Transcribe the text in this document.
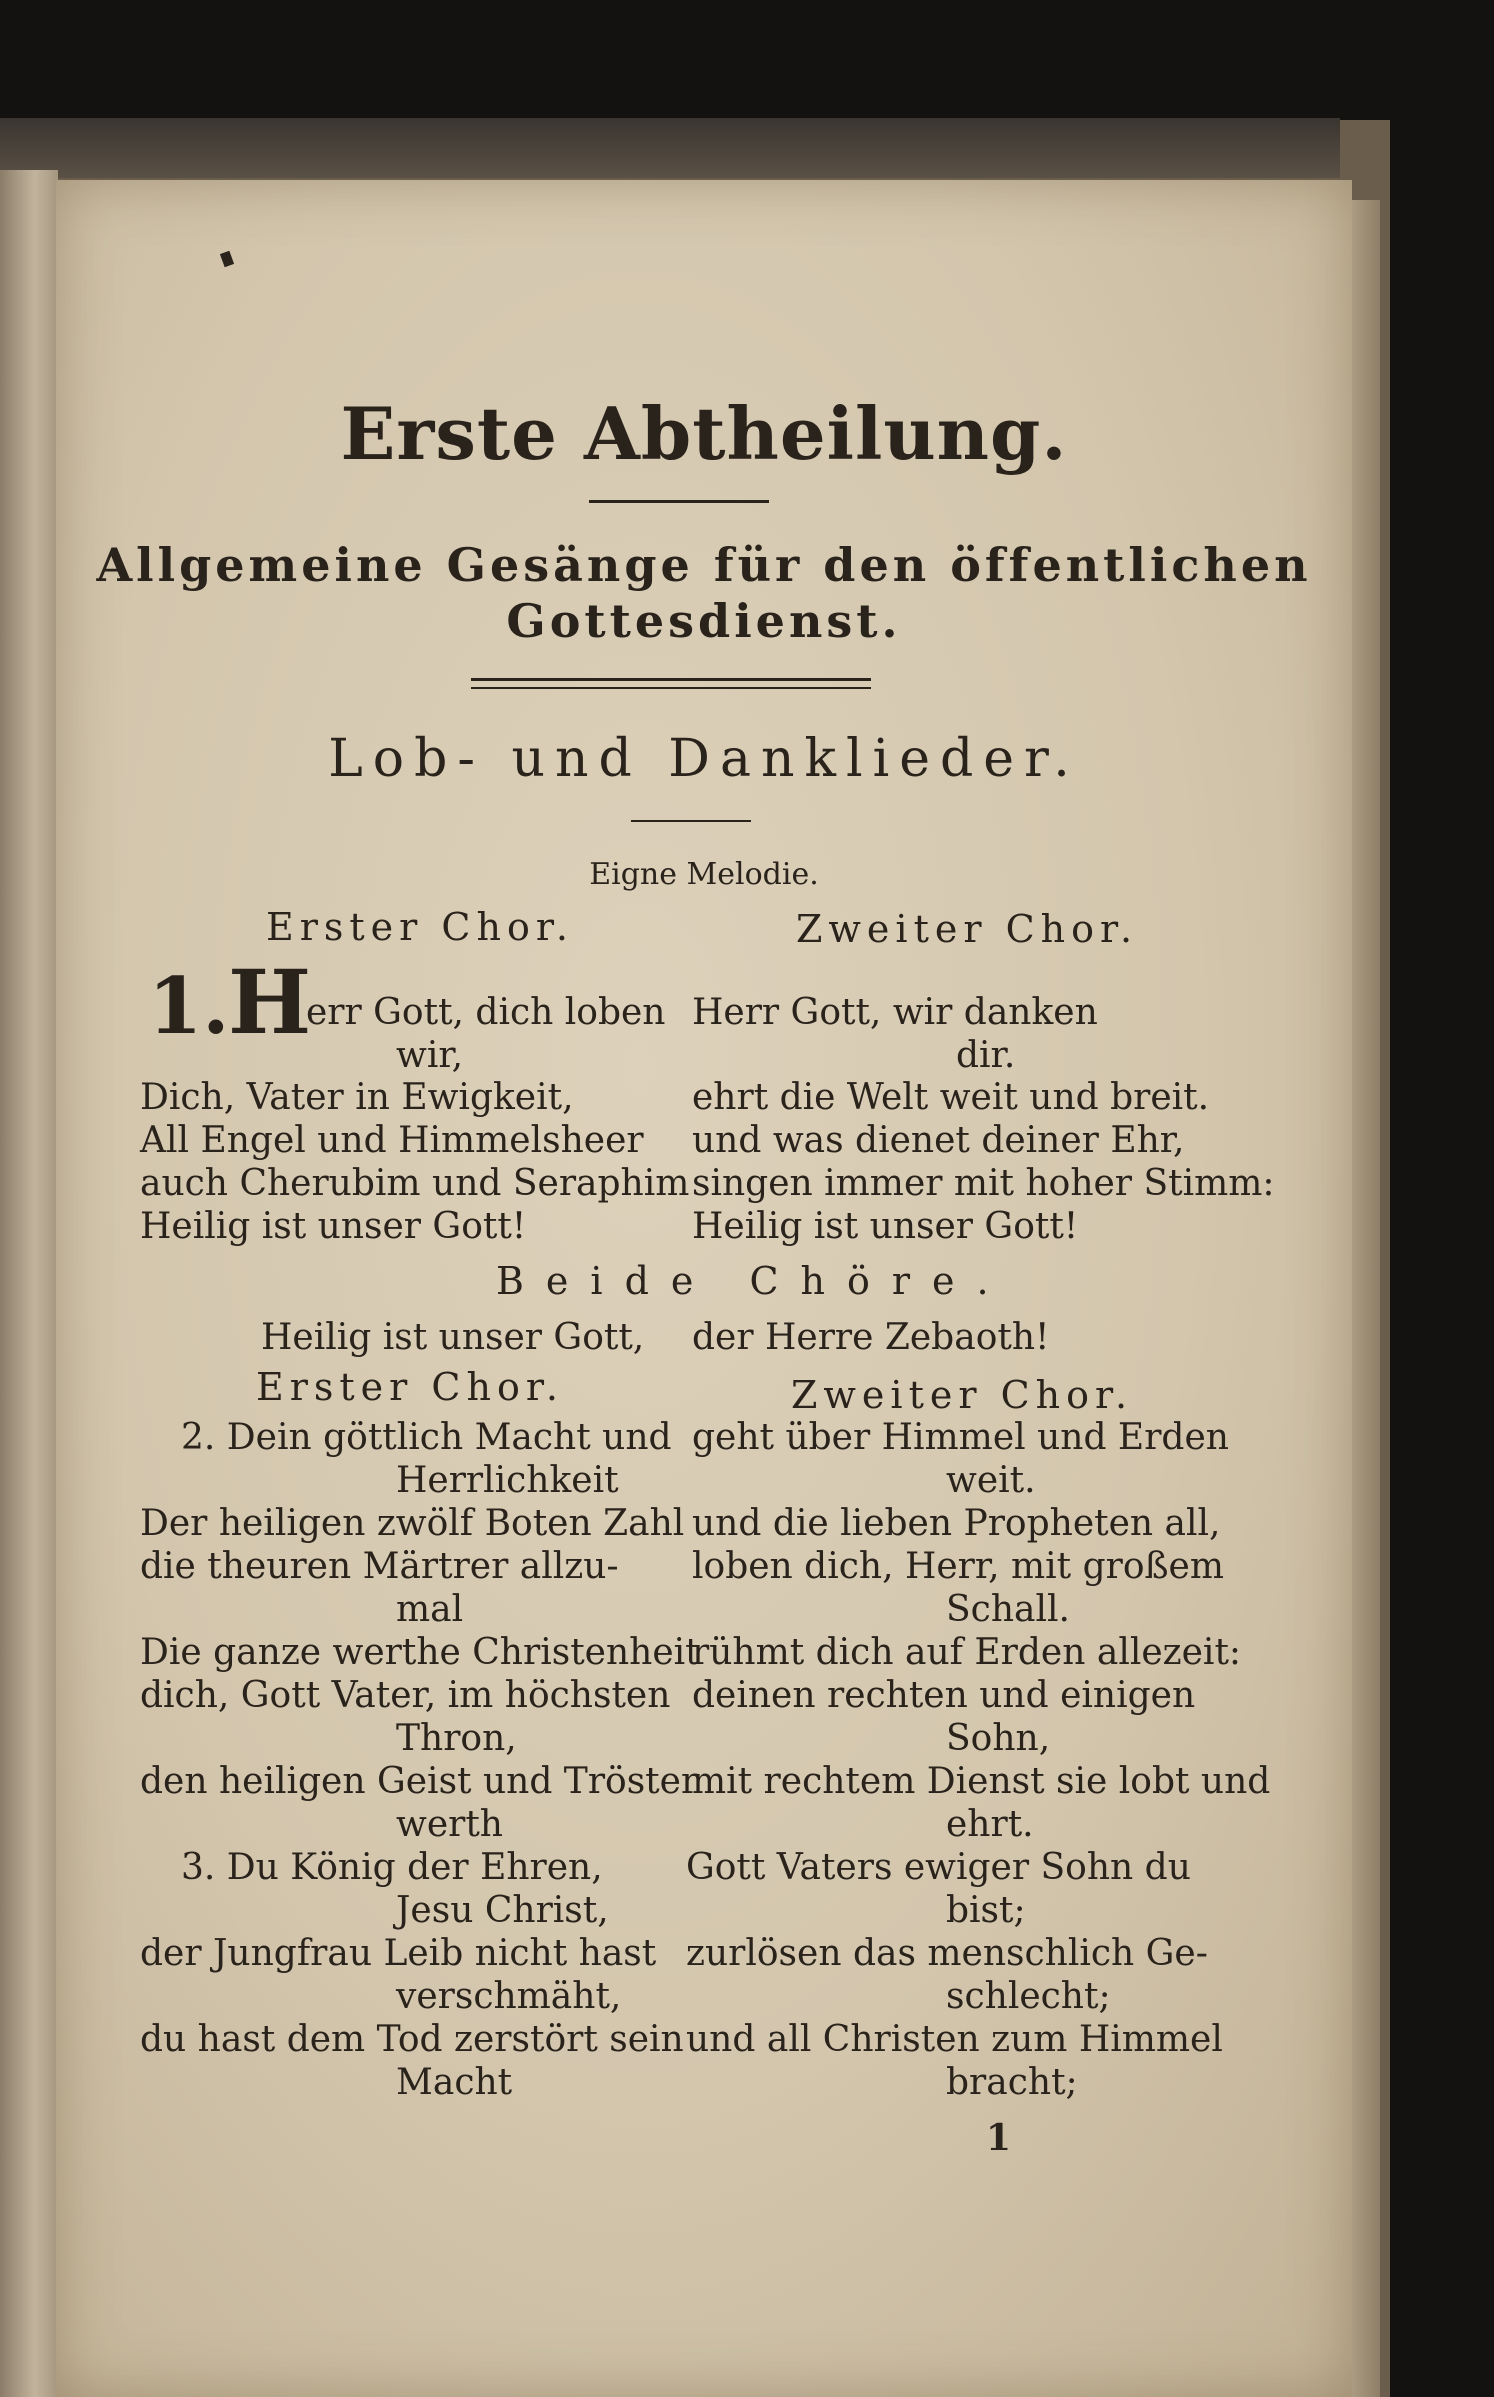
Erste Abtheilung.
Allgemeine Gesänge für den öffentlichen
Gottesdienst.
Lob- und Danklieder.
Eigne Melodie.
Erster Chor.	Zweiter Chor.
1.
H
err Gott, dich loben
wir,
Dich, Vater in Ewigkeit,
All Engel und Himmelsheer
auch Cherubim und Seraphim
Heilig ist unser Gott!
Herr Gott, wir danken
dir.
ehrt die Welt weit und breit.
und was dienet deiner Ehr,
singen immer mit hoher Stimm:
Heilig ist unser Gott!
Beide Chöre.
Heilig ist unser Gott, der Herre Zebaoth!
Erster Chor.	Zweiter Chor.
2. Dein göttlich Macht und
Herrlichkeit
Der heiligen zwölf Boten Zahl
die theuren Märtrer allzu-
mal
Die ganze werthe Christenheit
dich, Gott Vater, im höchsten
Thron,
den heiligen Geist und Tröster
werth
geht über Himmel und Erden
weit.
und die lieben Propheten all,
loben dich, Herr, mit großem
Schall.
rühmt dich auf Erden allezeit:
deinen rechten und einigen
Sohn,
mit rechtem Dienst sie lobt und
ehrt.
3. Du König der Ehren,
Jesu Christ,
der Jungfrau Leib nicht hast
verschmäht,
du hast dem Tod zerstört sein
Macht
Gott Vaters ewiger Sohn du
bist;
zurlösen das menschlich Ge-
schlecht;
und all Christen zum Himmel
bracht;
1
